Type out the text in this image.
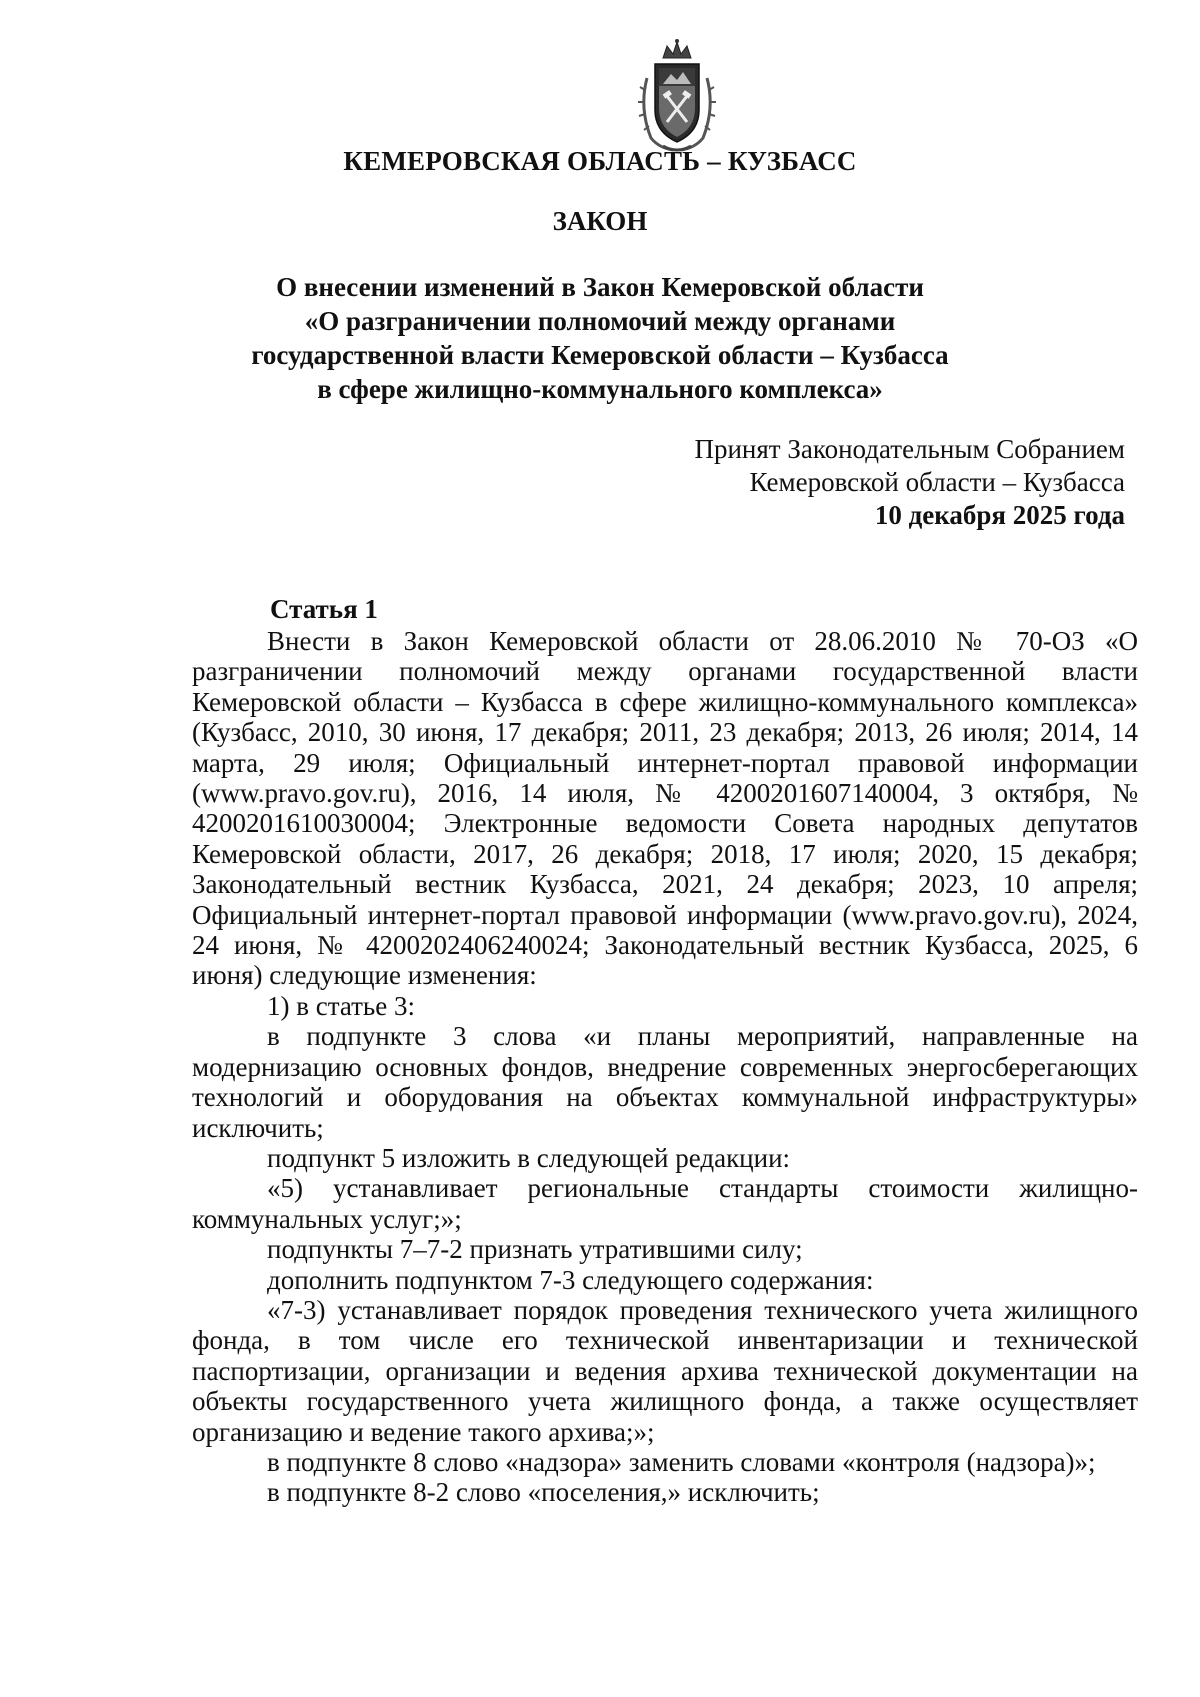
КЕМЕРОВСКАЯ ОБЛАСТЬ – КУЗБАСС
ЗАКОН
О внесении изменений в Закон Кемеровской области
«О разграничении полномочий между органами
государственной власти Кемеровской области – Кузбасса
в сфере жилищно-коммунального комплекса»
Принят Законодательным Собранием
Кемеровской области – Кузбасса
10 декабря 2025 года
Статья 1

Внести в Закон Кемеровской области от 28.06.2010 № 70-ОЗ «О разграничении полномочий между органами государственной власти Кемеровской области – Кузбасса в сфере жилищно-коммунального комплекса» (Кузбасс, 2010, 30 июня, 17 декабря; 2011, 23 декабря; 2013, 26 июля; 2014, 14 марта, 29 июля; Официальный интернет-портал правовой информации (www.pravo.gov.ru), 2016, 14 июля, № 4200201607140004, 3 октября, № 4200201610030004; Электронные ведомости Совета народных депутатов Кемеровской области, 2017, 26 декабря; 2018, 17 июля; 2020, 15 декабря; Законодательный вестник Кузбасса, 2021, 24 декабря; 2023, 10 апреля; Официальный интернет-портал правовой информации (www.pravo.gov.ru), 2024, 24 июня, № 4200202406240024; Законодательный вестник Кузбасса, 2025, 6 июня) следующие изменения:

1) в статье 3:

в подпункте 3 слова «и планы мероприятий, направленные на модернизацию основных фондов, внедрение современных энергосберегающих технологий и оборудования на объектах коммунальной инфраструктуры» исключить;

подпункт 5 изложить в следующей редакции:

«5) устанавливает региональные стандарты стоимости жилищно-коммунальных услуг;»;

подпункты 7–7-2 признать утратившими силу;

дополнить подпунктом 7-3 следующего содержания:

«7-3) устанавливает порядок проведения технического учета жилищного фонда, в том числе его технической инвентаризации и технической паспортизации, организации и ведения архива технической документации на объекты государственного учета жилищного фонда, а также осуществляет организацию и ведение такого архива;»;

в подпункте 8 слово «надзора» заменить словами «контроля (надзора)»;

в подпункте 8-2 слово «поселения,» исключить;
